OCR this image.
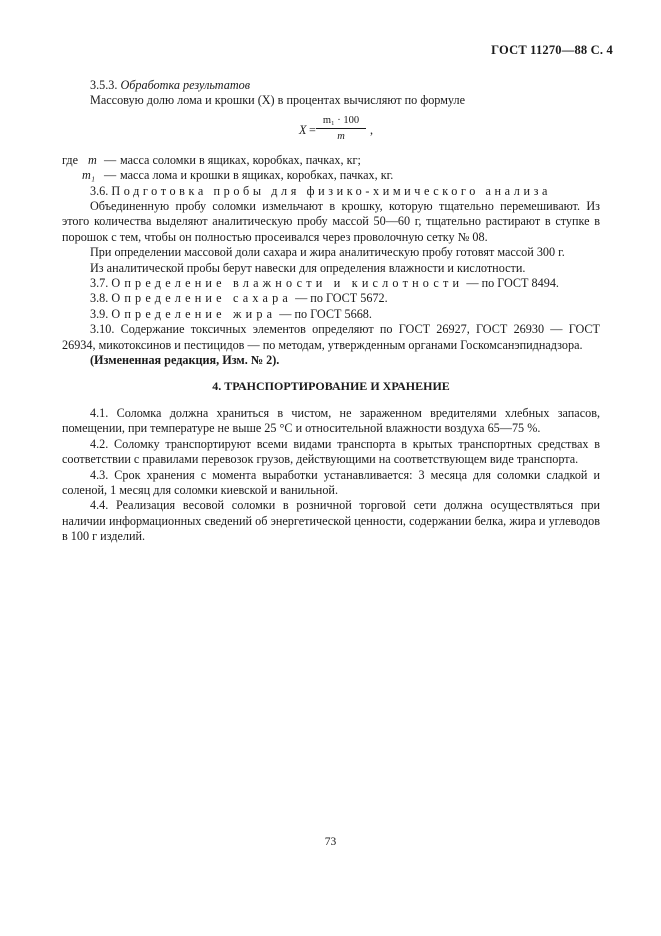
ГОСТ 11270—88 С. 4

3.5.3. Обработка результатов

Массовую долю лома и крошки (X) в процентах вычисляют по формуле

$X = \frac{\text{m₁ · 100}}{m}$ ,
где m — масса соломки в ящиках, коробках, пачках, кг;
m₁ — масса лома и крошки в ящиках, коробках, пачках, кг.

3.6. Подготовка пробы для физико-химического анализа

Объединенную пробу соломки измельчают в крошку, которую тщательно перемешивают. Из этого количества выделяют аналитическую пробу массой 50—60 г, тщательно растирают в ступке в порошок с тем, чтобы он полностью просеивался через проволочную сетку № 08.

При определении массовой доли сахара и жира аналитическую пробу готовят массой 300 г.

Из аналитической пробы берут навески для определения влажности и кислотности.

3.7. Определение влажности и кислотности — по ГОСТ 8494.

3.8. Определение сахара — по ГОСТ 5672.

3.9. Определение жира — по ГОСТ 5668.

3.10. Содержание токсичных элементов определяют по ГОСТ 26927, ГОСТ 26930 — ГОСТ 26934, микотоксинов и пестицидов — по методам, утвержденным органами Госкомсанэпиднадзора.

(Измененная редакция, Изм. № 2).

4. ТРАНСПОРТИРОВАНИЕ И ХРАНЕНИЕ

4.1. Соломка должна храниться в чистом, не зараженном вредителями хлебных запасов, помещении, при температуре не выше 25 °С и относительной влажности воздуха 65—75 %.

4.2. Соломку транспортируют всеми видами транспорта в крытых транспортных средствах в соответствии с правилами перевозок грузов, действующими на соответствующем виде транспорта.

4.3. Срок хранения с момента выработки устанавливается: 3 месяца для соломки сладкой и соленой, 1 месяц для соломки киевской и ванильной.

4.4. Реализация весовой соломки в розничной торговой сети должна осуществляться при наличии информационных сведений об энергетической ценности, содержании белка, жира и углеводов в 100 г изделий.

73
